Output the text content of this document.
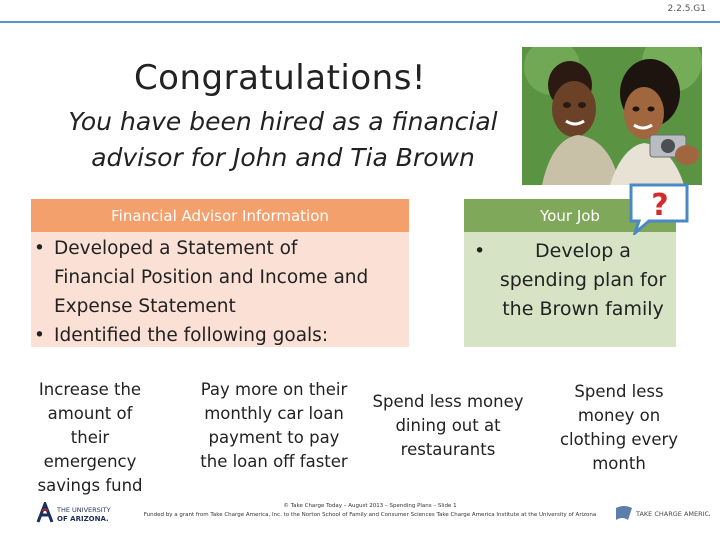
2.2.5.G1
Congratulations!
You have been hired as a financial
advisor for John and Tia Brown
Financial Advisor Information
• Developed a Statement of
Financial Position and Income and
Expense Statement
• Identified the following goals:
Your Job
•	Develop a
spending plan for
the Brown family
?
Increase the
amount of their
emergency
savings fund
Pay more on their
monthly car loan
payment to pay
the loan off faster
Spend less money
dining out at
restaurants
Spend less
money on
clothing every
month
THE UNIVERSITY
OF ARIZONA.
© Take Charge Today – August 2013 – Spending Plans – Slide 1
Funded by a grant from Take Charge America, Inc. to the Norton School of Family and Consumer Sciences Take Charge America Institute at the University of Arizona	TAKE CHARGE AMERICA
